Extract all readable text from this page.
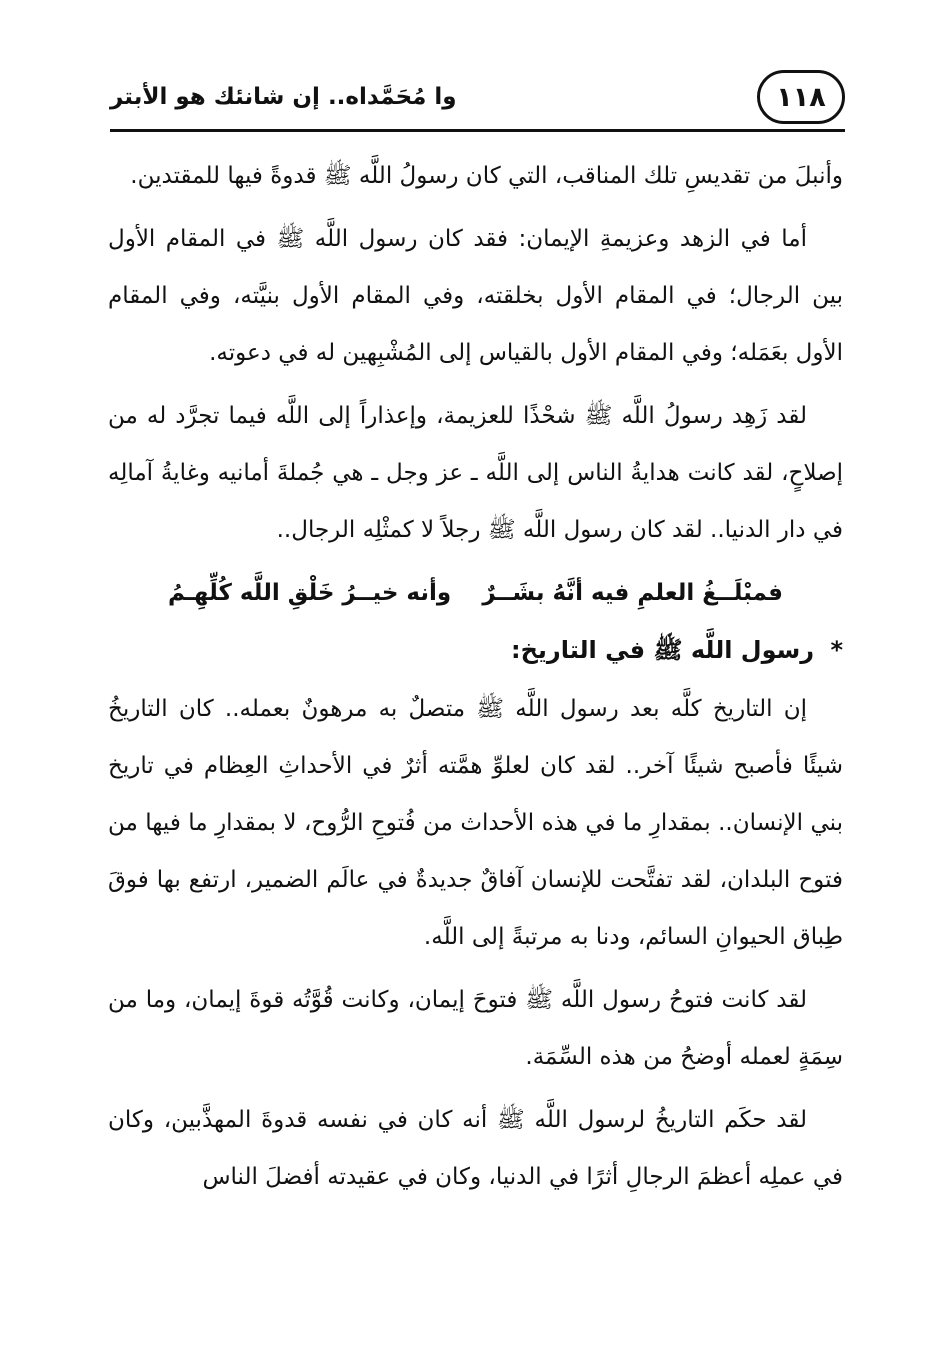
١١٨
وا مُحَمَّداه.. إن شانئك هو الأبتر

وأنبلَ من تقديسِ تلك المناقب، التي كان رسولُ اللَّه ﷺ قدوةً فيها للمقتدين.

أما في الزهد وعزيمةِ الإيمان: فقد كان رسول اللَّه ﷺ في المقام الأول بين الرجال؛ في المقام الأول بخلقته، وفي المقام الأول بنيَّته، وفي المقام الأول بعَمَله؛ وفي المقام الأول بالقياس إلى المُشْبِهين له في دعوته.

لقد زَهِد رسولُ اللَّه ﷺ شحْذًا للعزيمة، وإعذاراً إلى اللَّه فيما تجرَّد له من إصلاحٍ، لقد كانت هدايةُ الناس إلى اللَّه ـ عز وجل ـ هي جُملةَ أمانيه وغايةُ آمالِه في دار الدنيا.. لقد كان رسول اللَّه ﷺ رجلاً لا كمثْلِه الرجال..

فمبْلَــغُ العلمِ فيه أنَّهُ بشَــرٌ
وأنه خيــرُ خَلْقِ اللَّه كُلِّهِـمُ
* رسول اللَّه ﷺ في التاريخ:

إن التاريخ كلَّه بعد رسول اللَّه ﷺ متصلٌ به مرهونٌ بعمله.. كان التاريخُ شيئًا فأصبح شيئًا آخر.. لقد كان لعلوِّ همَّته أثرٌ في الأحداثِ العِظام في تاريخ بني الإنسان.. بمقدارِ ما في هذه الأحداث من فُتوحِ الرُّوح، لا بمقدارِ ما فيها من فتوح البلدان، لقد تفتَّحت للإنسان آفاقٌ جديدةٌ في عالَم الضمير، ارتفع بها فوقَ طِباق الحيوانِ السائم، ودنا به مرتبةً إلى اللَّه.

لقد كانت فتوحُ رسول اللَّه ﷺ فتوحَ إيمان، وكانت قُوَّتُه قوةَ إيمان، وما من سِمَةٍ لعمله أوضحُ من هذه السِّمَة.

لقد حكَم التاريخُ لرسول اللَّه ﷺ أنه كان في نفسه قدوةَ المهذَّبين، وكان في عملِه أعظمَ الرجالِ أثرًا في الدنيا، وكان في عقيدته أفضلَ الناس
